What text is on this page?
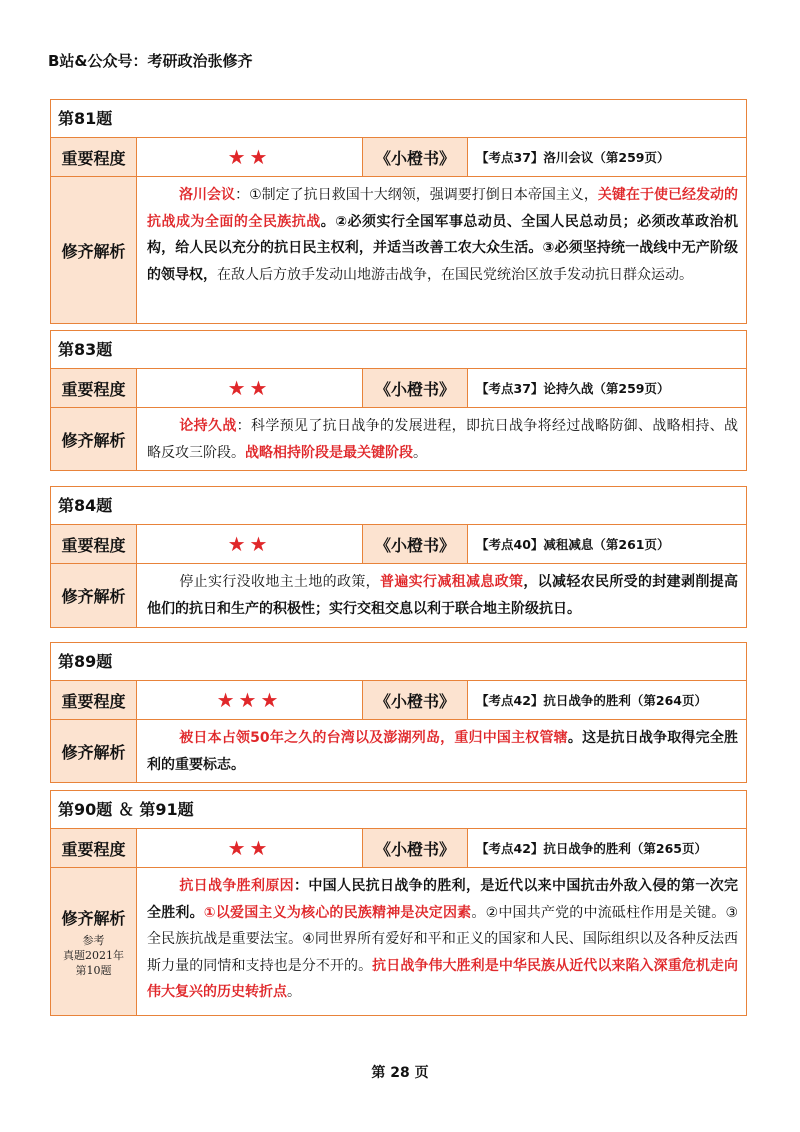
B站&公众号：考研政治张修齐
第81题
重要程度	★★	《小橙书》	【考点37】洛川会议（第259页）
修齐解析
洛川会议：①制定了抗日救国十大纲领，强调要打倒日本帝国主义，关键在于使已经发动的抗战成为全面的全民族抗战。②必须实行全国军事总动员、全国人民总动员；必须改革政治机构，给人民以充分的抗日民主权利，并适当改善工农大众生活。③必须坚持统一战线中无产阶级的领导权，在敌人后方放手发动山地游击战争，在国民党统治区放手发动抗日群众运动。
第83题
重要程度	★★	《小橙书》	【考点37】论持久战（第259页）
修齐解析
论持久战：科学预见了抗日战争的发展进程，即抗日战争将经过战略防御、战略相持、战略反攻三阶段。战略相持阶段是最关键阶段。
第84题
重要程度	★★	《小橙书》	【考点40】减租减息（第261页）
修齐解析
停止实行没收地主土地的政策，普遍实行减租减息政策，以减轻农民所受的封建剥削提高他们的抗日和生产的积极性；实行交租交息以利于联合地主阶级抗日。
第89题
重要程度	★★★	《小橙书》	【考点42】抗日战争的胜利（第264页）
修齐解析
被日本占领50年之久的台湾以及澎湖列岛，重归中国主权管辖。这是抗日战争取得完全胜利的重要标志。
第90题 ＆ 第91题
重要程度	★★	《小橙书》	【考点42】抗日战争的胜利（第265页）
修齐解析
参考
真题2021年
第10题
抗日战争胜利原因：中国人民抗日战争的胜利，是近代以来中国抗击外敌入侵的第一次完全胜利。①以爱国主义为核心的民族精神是决定因素。②中国共产党的中流砥柱作用是关键。③全民族抗战是重要法宝。④同世界所有爱好和平和正义的国家和人民、国际组织以及各种反法西斯力量的同情和支持也是分不开的。抗日战争伟大胜利是中华民族从近代以来陷入深重危机走向伟大复兴的历史转折点。
第 28 页
